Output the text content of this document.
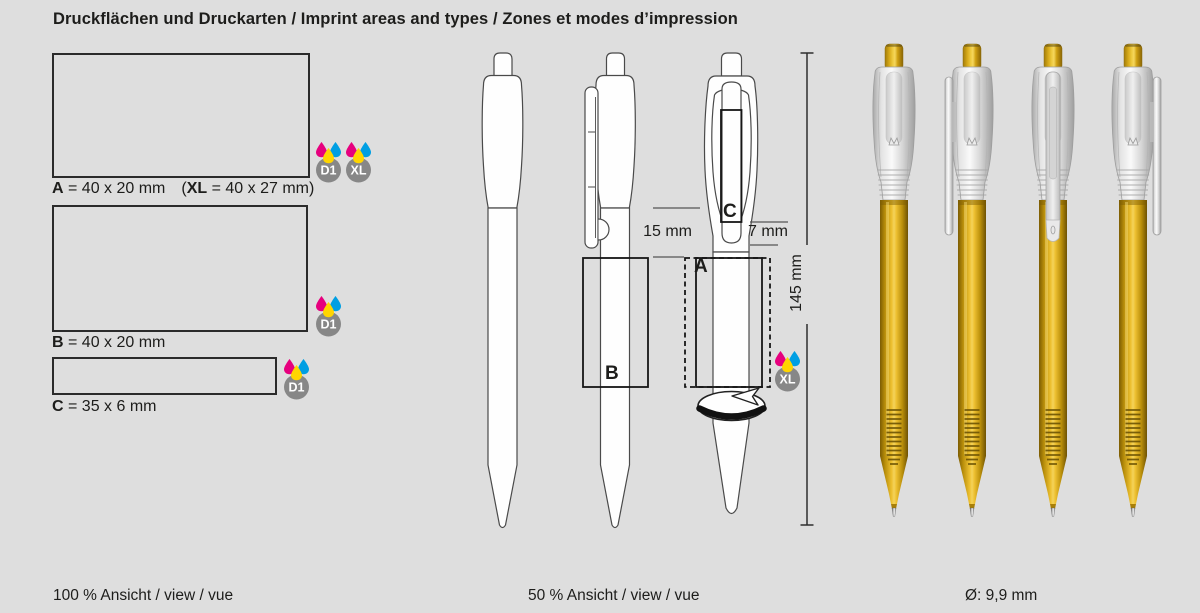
Druckflächen und Druckarten / Imprint areas and types / Zones et modes d’impression
A = 40 x 20 mm (XL = 40 x 27 mm)
B = 40 x 20 mm
C = 35 x 6 mm
D1 XL
D1
D1
XL
A
B
C
15 mm	7 mm
145 mm
100 % Ansicht / view / vue	50 % Ansicht / view / vue	Ø: 9,9 mm
